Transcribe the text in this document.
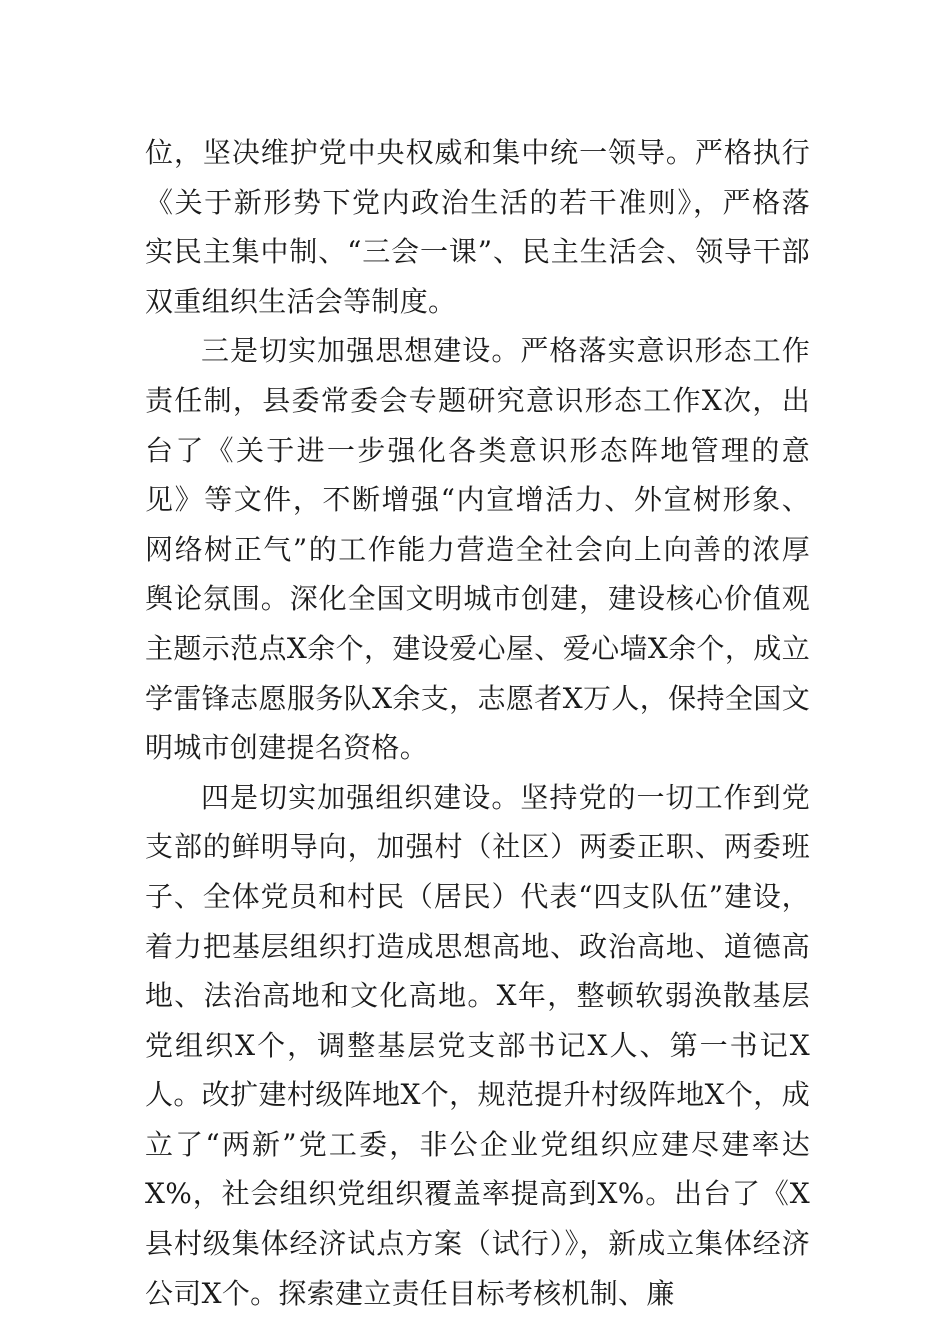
位，坚决维护党中央权威和集中统一领导。严格执行《关于新形势下党内政治生活的若干准则》，严格落实民主集中制、“三会一课”、民主生活会、领导干部双重组织生活会等制度。

三是切实加强思想建设。严格落实意识形态工作责任制，县委常委会专题研究意识形态工作X次，出台了《关于进一步强化各类意识形态阵地管理的意见》等文件，不断增强“内宣增活力、外宣树形象、网络树正气”的工作能力营造全社会向上向善的浓厚舆论氛围。深化全国文明城市创建，建设核心价值观主题示范点X余个，建设爱心屋、爱心墙X余个，成立学雷锋志愿服务队X余支，志愿者X万人，保持全国文明城市创建提名资格。

四是切实加强组织建设。坚持党的一切工作到党支部的鲜明导向，加强村（社区）两委正职、两委班子、全体党员和村民（居民）代表“四支队伍”建设，着力把基层组织打造成思想高地、政治高地、道德高地、法治高地和文化高地。X年，整顿软弱涣散基层党组织X个，调整基层党支部书记X人、第一书记X人。改扩建村级阵地X个，规范提升村级阵地X个，成立了“两新”党工委，非公企业党组织应建尽建率达X%，社会组织党组织覆盖率提高到X%。出台了《X县村级集体经济试点方案（试行）》，新成立集体经济公司X个。探索建立责任目标考核机制、廉
